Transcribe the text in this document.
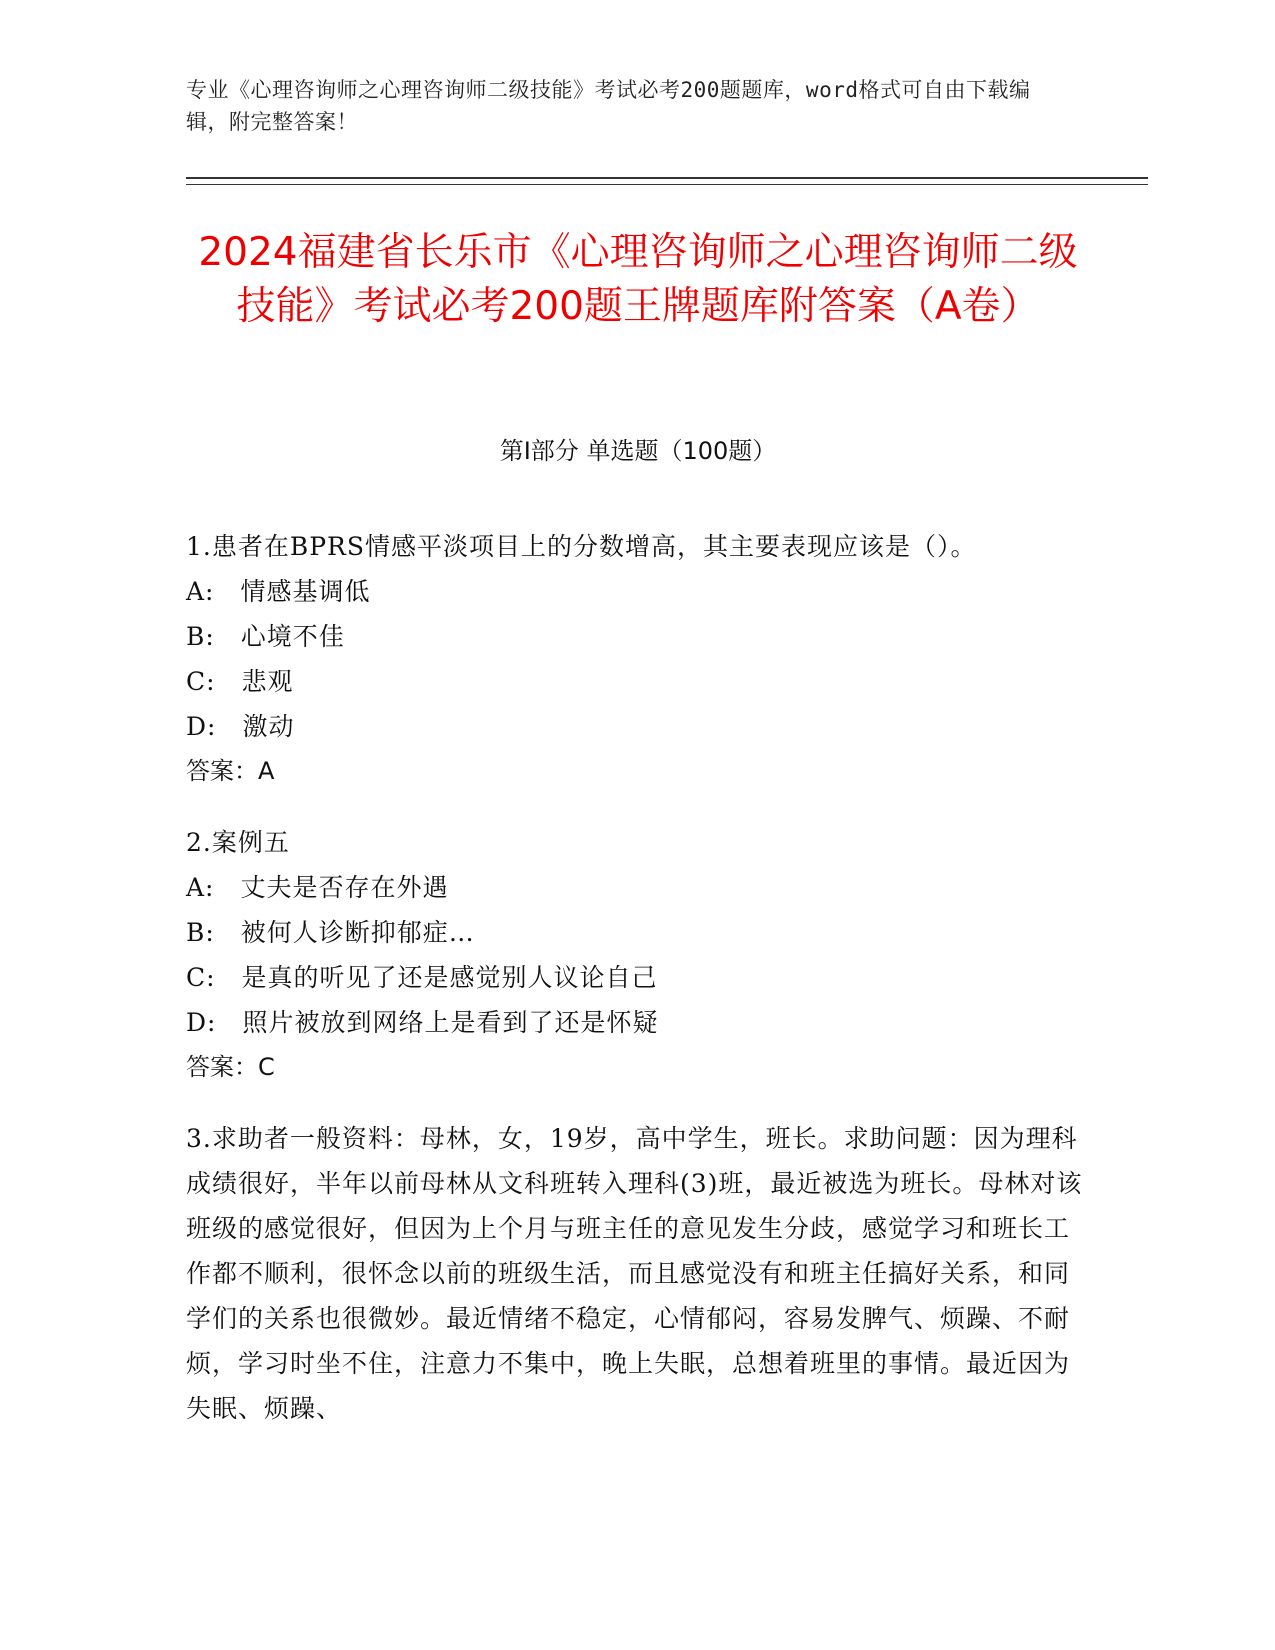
专业《心理咨询师之心理咨询师二级技能》考试必考200题题库，word格式可自由下载编辑，附完整答案！
2024福建省长乐市《心理咨询师之心理咨询师二级技能》考试必考200题王牌题库附答案（A卷）
第Ⅰ部分 单选题（100题）
1.患者在BPRS情感平淡项目上的分数增高，其主要表现应该是（）。
A:　情感基调低
B:　心境不佳
C:　悲观
D:　激动
答案：A
2.案例五
A:　丈夫是否存在外遇
B:　被何人诊断抑郁症…
C:　是真的听见了还是感觉别人议论自己
D:　照片被放到网络上是看到了还是怀疑
答案：C
3.求助者一般资料：母林，女，19岁，高中学生，班长。求助问题：因为理科成绩很好，半年以前母林从文科班转入理科(3)班，最近被选为班长。母林对该班级的感觉很好，但因为上个月与班主任的意见发生分歧，感觉学习和班长工作都不顺利，很怀念以前的班级生活，而且感觉没有和班主任搞好关系，和同学们的关系也很微妙。最近情绪不稳定，心情郁闷，容易发脾气、烦躁、不耐烦，学习时坐不住，注意力不集中，晚上失眠，总想着班里的事情。最近因为失眠、烦躁、
